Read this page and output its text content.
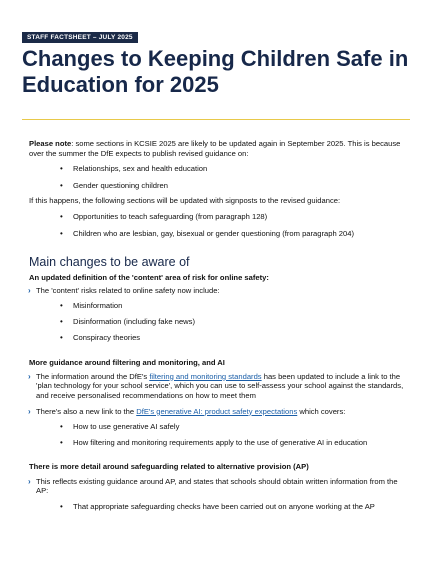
STAFF FACTSHEET – JULY 2025
Changes to Keeping Children Safe in Education for 2025

Please note: some sections in KCSIE 2025 are likely to be updated again in September 2025. This is because over the summer the DfE expects to publish revised guidance on:

• Relationships, sex and health education
• Gender questioning children

If this happens, the following sections will be updated with signposts to the revised guidance:

• Opportunities to teach safeguarding (from paragraph 128)
• Children who are lesbian, gay, bisexual or gender questioning (from paragraph 204)
Main changes to be aware of

An updated definition of the 'content' area of risk for online safety:

› The 'content' risks related to online safety now include:

• Misinformation
• Disinformation (including fake news)
• Conspiracy theories

More guidance around filtering and monitoring, and AI

› The information around the DfE's filtering and monitoring standards has been updated to include a link to the 'plan technology for your school service', which you can use to self-assess your school against the standards, and receive personalised recommendations on how to meet them

› There's also a new link to the DfE's generative AI: product safety expectations which covers:

• How to use generative AI safely
• How filtering and monitoring requirements apply to the use of generative AI in education

There is more detail around safeguarding related to alternative provision (AP)

› This reflects existing guidance around AP, and states that schools should obtain written information from the AP:

• That appropriate safeguarding checks have been carried out on anyone working at the AP
